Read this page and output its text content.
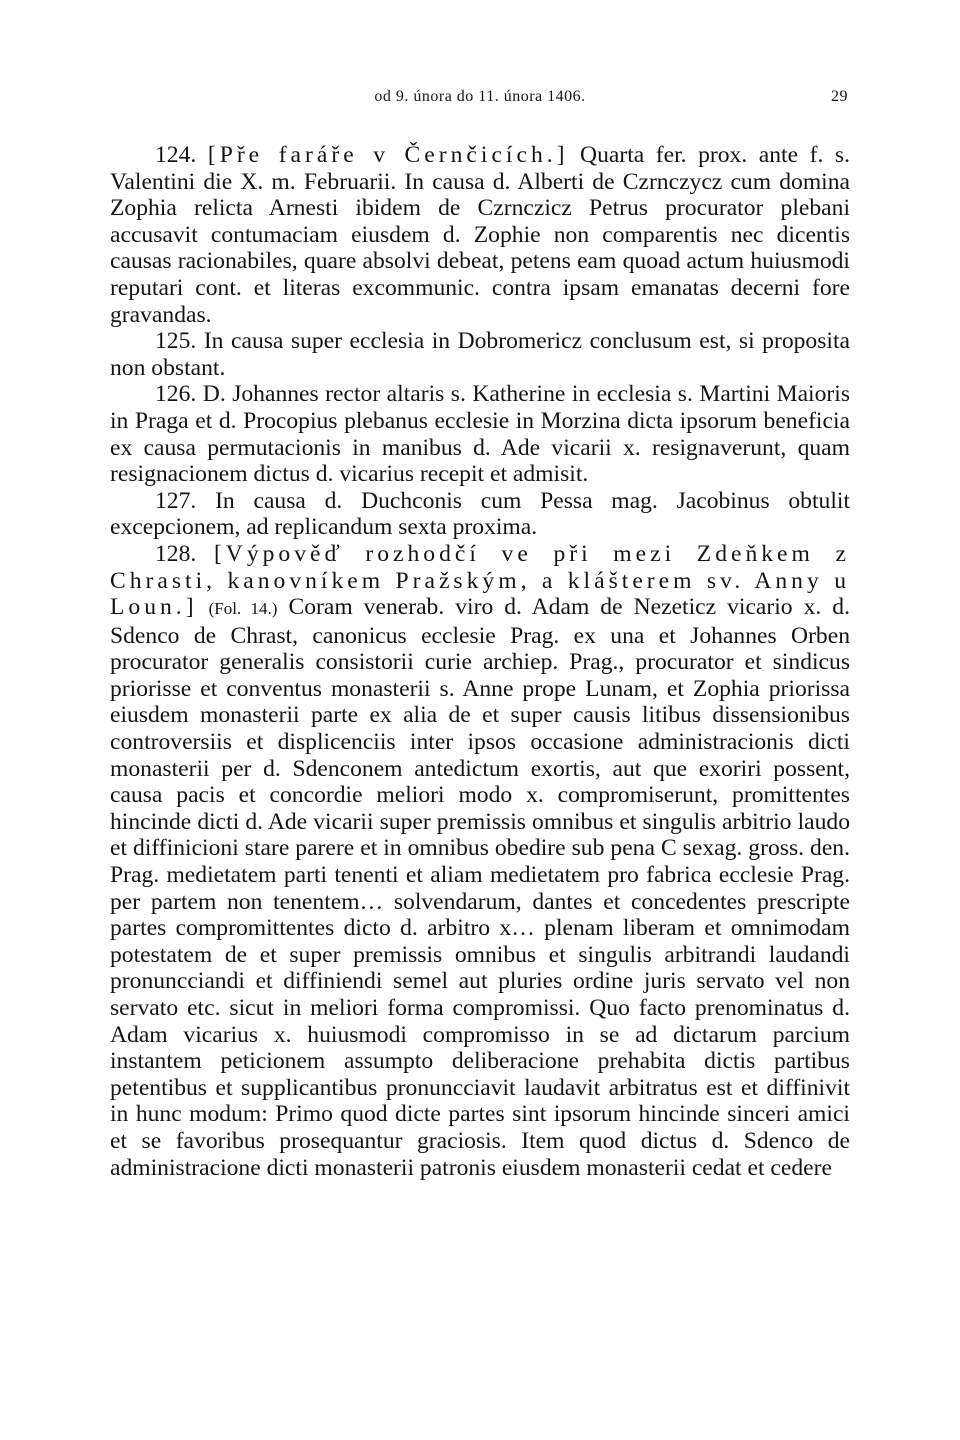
od 9. února do 11. února 1406.	29

124. [Pře faráře v Černčicích.] Quarta fer. prox. ante f. s. Valentini die X. m. Februarii. In causa d. Alberti de Czrnczycz cum domina Zophia relicta Arnesti ibidem de Czrnczicz Petrus procurator plebani accusavit contumaciam eiusdem d. Zophie non comparentis nec dicentis causas racionabiles, quare absolvi debeat, petens eam quoad actum huiusmodi reputari cont. et literas excommunic. contra ipsam emanatas decerni fore gravandas.

125. In causa super ecclesia in Dobromericz conclusum est, si proposita non obstant.

126. D. Johannes rector altaris s. Katherine in ecclesia s. Martini Maioris in Praga et d. Procopius plebanus ecclesie in Morzina dicta ipsorum beneficia ex causa permutacionis in manibus d. Ade vicarii x. resignaverunt, quam resignacionem dictus d. vicarius recepit et admisit.

127. In causa d. Duchconis cum Pessa mag. Jacobinus obtulit excepcionem, ad replicandum sexta proxima.

128. [Výpověď rozhodčí ve při mezi Zdeňkem z Chrasti, kanovníkem Pražským, a klášterem sv. Anny u Loun.] (Fol. 14.) Coram venerab. viro d. Adam de Nezeticz vicario x. d. Sdenco de Chrast, canonicus ecclesie Prag. ex una et Johannes Orben procurator generalis consistorii curie archiep. Prag., procurator et sindicus priorisse et conventus monasterii s. Anne prope Lunam, et Zophia priorissa eiusdem monasterii parte ex alia de et super causis litibus dissensionibus controversiis et displicenciis inter ipsos occasione administracionis dicti monasterii per d. Sdenconem antedictum exortis, aut que exoriri possent, causa pacis et concordie meliori modo x. compromiserunt, promittentes hincinde dicti d. Ade vicarii super premissis omnibus et singulis arbitrio laudo et diffinicioni stare parere et in omnibus obedire sub pena C sexag. gross. den. Prag. medietatem parti tenenti et aliam medietatem pro fabrica ecclesie Prag. per partem non tenentem… solvendarum, dantes et concedentes prescripte partes compromittentes dicto d. arbitro x… plenam liberam et omnimodam potestatem de et super premissis omnibus et singulis arbitrandi laudandi pronuncciandi et diffiniendi semel aut pluries ordine juris servato vel non servato etc. sicut in meliori forma compromissi. Quo facto prenominatus d. Adam vicarius x. huiusmodi compromisso in se ad dictarum parcium instantem peticionem assumpto deliberacione prehabita dictis partibus petentibus et supplicantibus pronuncciavit laudavit arbitratus est et diffinivit in hunc modum: Primo quod dicte partes sint ipsorum hincinde sinceri amici et se favoribus prosequantur graciosis. Item quod dictus d. Sdenco de administracione dicti monasterii patronis eiusdem monasterii cedat et cedere
